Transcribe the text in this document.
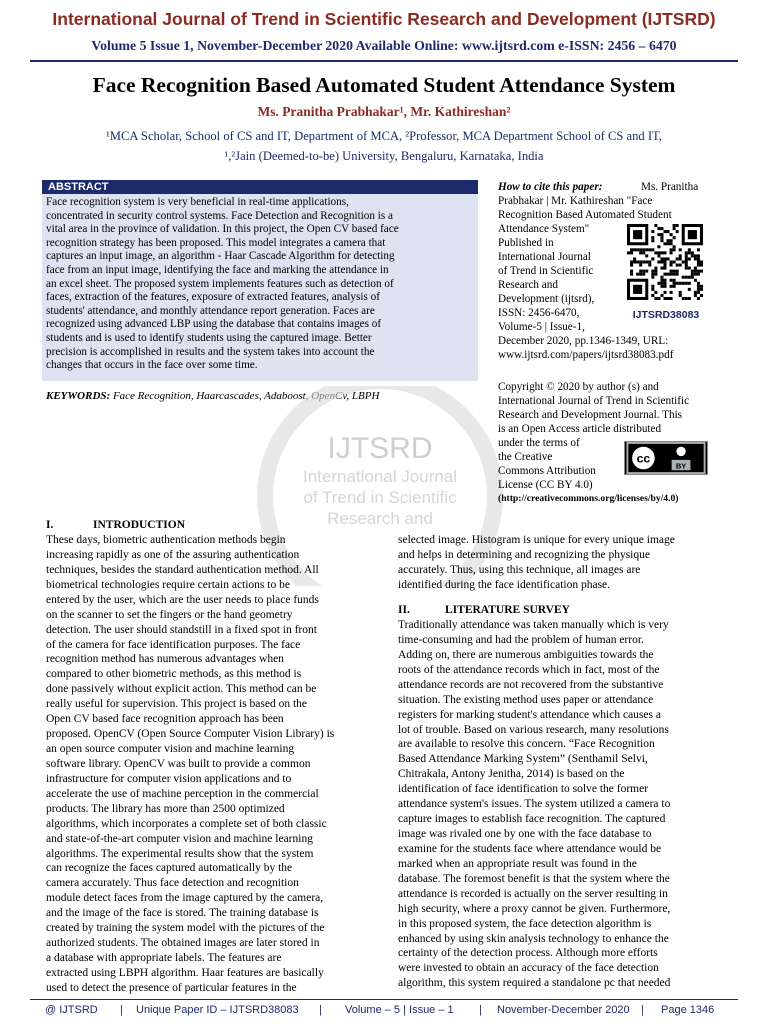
International Journal of Trend in Scientific Research and Development (IJTSRD)
Volume 5 Issue 1, November-December 2020 Available Online: www.ijtsrd.com e-ISSN: 2456 – 6470
Face Recognition Based Automated Student Attendance System
Ms. Pranitha Prabhakar¹, Mr. Kathireshan²
¹MCA Scholar, School of CS and IT, Department of MCA, ²Professor, MCA Department School of CS and IT,
¹,²Jain (Deemed-to-be) University, Bengaluru, Karnataka, India
ABSTRACT
Face recognition system is very beneficial in real-time applications,
concentrated in security control systems. Face Detection and Recognition is a
vital area in the province of validation. In this project, the Open CV based face
recognition strategy has been proposed. This model integrates a camera that
captures an input image, an algorithm - Haar Cascade Algorithm for detecting
face from an input image, identifying the face and marking the attendance in
an excel sheet. The proposed system implements features such as detection of
faces, extraction of the features, exposure of extracted features, analysis of
students' attendance, and monthly attendance report generation. Faces are
recognized using advanced LBP using the database that contains images of
students and is used to identify students using the captured image. Better
precision is accomplished in results and the system takes into account the
changes that occurs in the face over some time.
KEYWORDS: Face Recognition, Haarcascades, Adaboost, OpenCv, LBPH
IJTSRD
International Journal
of Trend in Scientific
Research and
How to cite this paper:	Ms. Pranitha
Prabhakar | Mr. Kathireshan "Face
Recognition Based Automated Student
Attendance System"
Published in
International Journal
of Trend in Scientific
Research and
Development (ijtsrd),
ISSN: 2456-6470,
Volume-5 | Issue-1,
December 2020, pp.1346-1349, URL:
www.ijtsrd.com/papers/ijtsrd38083.pdf
IJTSRD38083
Copyright © 2020 by author (s) and
International Journal of Trend in Scientific
Research and Development Journal. This
is an Open Access article distributed
under the terms of
the Creative
Commons Attribution
License (CC BY 4.0)
(http://creativecommons.org/licenses/by/4.0)
cc
BY
I.	INTRODUCTION
II.	LITERATURE SURVEY
These days, biometric authentication methods begin
increasing rapidly as one of the assuring authentication
techniques, besides the standard authentication method. All
biometrical technologies require certain actions to be
entered by the user, which are the user needs to place funds
on the scanner to set the fingers or the hand geometry
detection. The user should standstill in a fixed spot in front
of the camera for face identification purposes. The face
recognition method has numerous advantages when
compared to other biometric methods, as this method is
done passively without explicit action. This method can be
really useful for supervision. This project is based on the
Open CV based face recognition approach has been
proposed. OpenCV (Open Source Computer Vision Library) is
an open source computer vision and machine learning
software library. OpenCV was built to provide a common
infrastructure for computer vision applications and to
accelerate the use of machine perception in the commercial
products. The library has more than 2500 optimized
algorithms, which incorporates a complete set of both classic
and state-of-the-art computer vision and machine learning
algorithms. The experimental results show that the system
can recognize the faces captured automatically by the
camera accurately. Thus face detection and recognition
module detect faces from the image captured by the camera,
and the image of the face is stored. The training database is
created by training the system model with the pictures of the
authorized students. The obtained images are later stored in
a database with appropriate labels. The features are
extracted using LBPH algorithm. Haar features are basically
used to detect the presence of particular features in the
selected image. Histogram is unique for every unique image
and helps in determining and recognizing the physique
accurately. Thus, using this technique, all images are
identified during the face identification phase.
Traditionally attendance was taken manually which is very
time-consuming and had the problem of human error.
Adding on, there are numerous ambiguities towards the
roots of the attendance records which in fact, most of the
attendance records are not recovered from the substantive
situation. The existing method uses paper or attendance
registers for marking student's attendance which causes a
lot of trouble. Based on various research, many resolutions
are available to resolve this concern. “Face Recognition
Based Attendance Marking System” (Senthamil Selvi,
Chitrakala, Antony Jenitha, 2014) is based on the
identification of face identification to solve the former
attendance system's issues. The system utilized a camera to
capture images to establish face recognition. The captured
image was rivaled one by one with the face database to
examine for the students face where attendance would be
marked when an appropriate result was found in the
database. The foremost benefit is that the system where the
attendance is recorded is actually on the server resulting in
high security, where a proxy cannot be given. Furthermore,
in this proposed system, the face detection algorithm is
enhanced by using skin analysis technology to enhance the
certainty of the detection process. Although more efforts
were invested to obtain an accuracy of the face detection
algorithm, this system required a standalone pc that needed
@ IJTSRD | Unique Paper ID – IJTSRD38083 | Volume – 5 | Issue – 1 | November-December 2020 | Page 1346
